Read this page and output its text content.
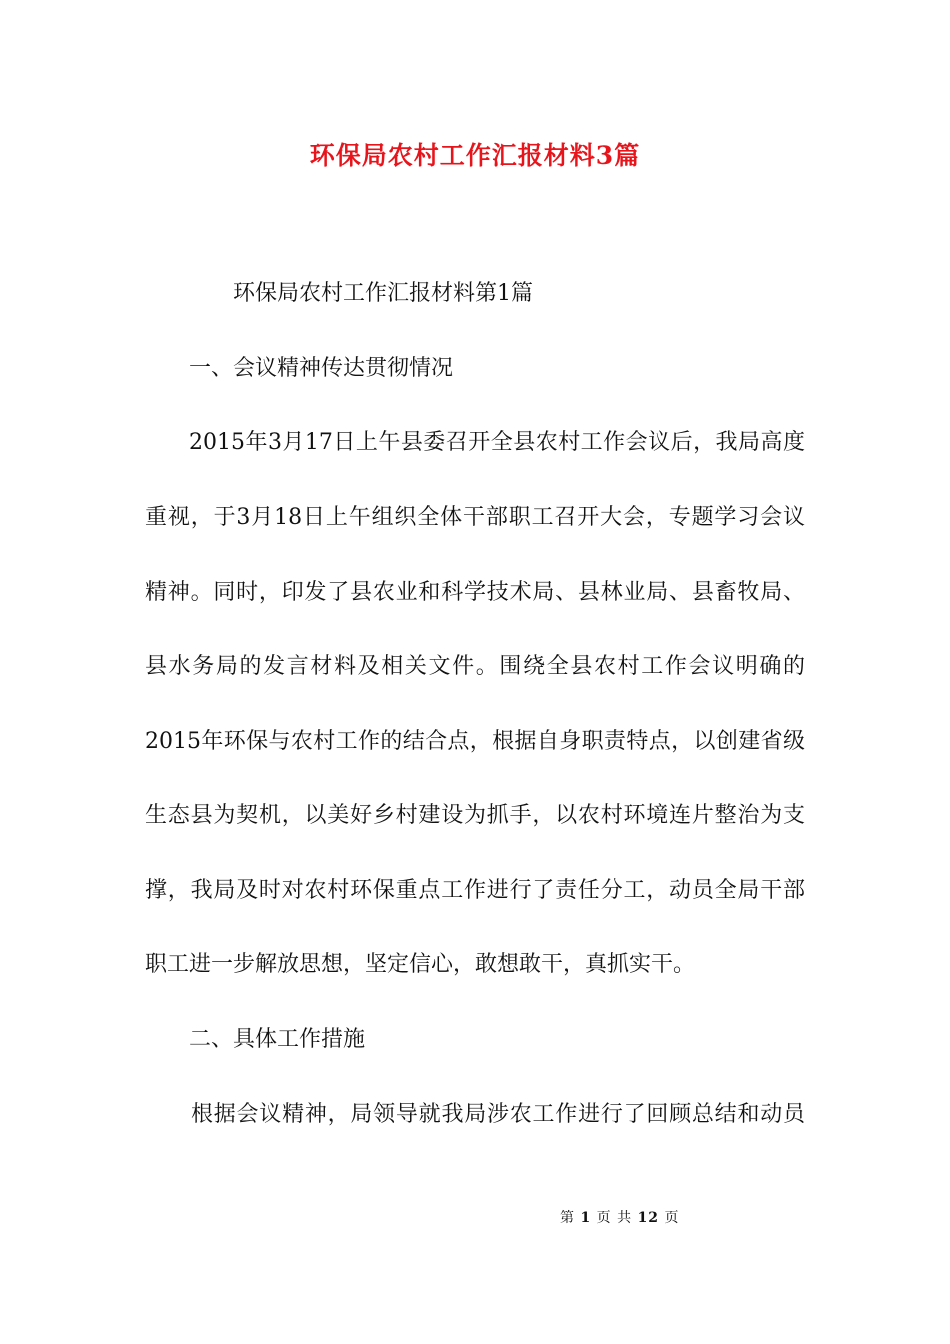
环保局农村工作汇报材料3篇
环保局农村工作汇报材料第1篇
一、会议精神传达贯彻情况
2015年3月17日上午县委召开全县农村工作会议后，我局高度
重视，于3月18日上午组织全体干部职工召开大会，专题学习会议
精神。同时，印发了县农业和科学技术局、县林业局、县畜牧局、
县水务局的发言材料及相关文件。围绕全县农村工作会议明确的
2015年环保与农村工作的结合点，根据自身职责特点，以创建省级
生态县为契机，以美好乡村建设为抓手，以农村环境连片整治为支
撑，我局及时对农村环保重点工作进行了责任分工，动员全局干部
职工进一步解放思想，坚定信心，敢想敢干，真抓实干。
二、具体工作措施
根据会议精神，局领导就我局涉农工作进行了回顾总结和动员
第 1 页 共 12 页
